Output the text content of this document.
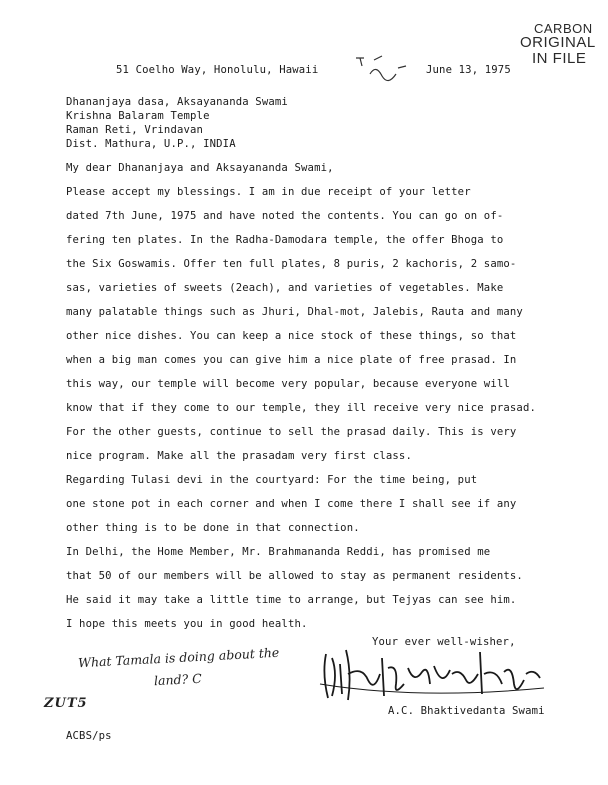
CARBON
ORIGINAL
IN FILE
51 Coelho Way, Honolulu, Hawaii	June 13, 1975
Dhananjaya dasa, Aksayananda Swami
Krishna Balaram Temple
Raman Reti, Vrindavan
Dist. Mathura, U.P., INDIA
My dear Dhananjaya and Aksayananda Swami,
Please accept my blessings. I am in due receipt of your letter
dated 7th June, 1975 and have noted the contents. You can go on of-
fering ten plates. In the Radha-Damodara temple, the offer Bhoga to
the Six Goswamis. Offer ten full plates, 8 puris, 2 kachoris, 2 samo-
sas, varieties of sweets (2each), and varieties of vegetables. Make
many palatable things such as Jhuri, Dhal-mot, Jalebis, Rauta and many
other nice dishes. You can keep a nice stock of these things, so that
when a big man comes you can give him a nice plate of free prasad. In
this way, our temple will become very popular, because everyone will
know that if they come to our temple, they ill receive very nice prasad.
For the other guests, continue to sell the prasad daily. This is very
nice program. Make all the prasadam very first class.
Regarding Tulasi devi in the courtyard: For the time being, put
one stone pot in each corner and when I come there I shall see if any
other thing is to be done in that connection.
In Delhi, the Home Member, Mr. Brahmananda Reddi, has promised me
that 50 of our members will be allowed to stay as permanent residents.
He said it may take a little time to arrange, but Tejyas can see him.
I hope this meets you in good health.
Your ever well-wisher,
What Tamala is doing about the
land? C
ZUT5	A.C. Bhaktivedanta Swami
ACBS/ps
